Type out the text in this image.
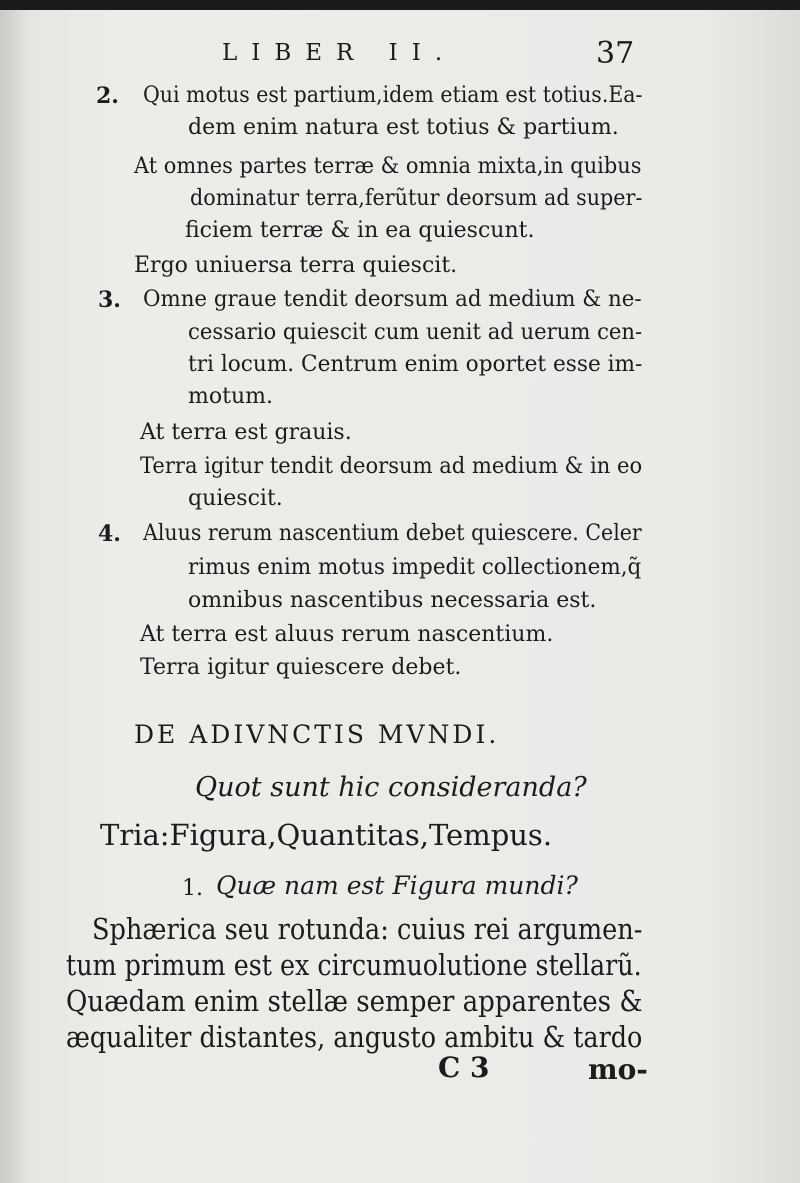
LIBER II.	37
2. Qui motus est partium,idem etiam est totius.Ea-
dem enim natura est totius & partium.
At omnes partes terræ & omnia mixta,in quibus
dominatur terra,ferũtur deorsum ad super-
ficiem terræ & in ea quiescunt.
Ergo uniuersa terra quiescit.
3. Omne graue tendit deorsum ad medium & ne-
cessario quiescit cum uenit ad uerum cen-
tri locum. Centrum enim oportet esse im-
motum.
At terra est grauis.
Terra igitur tendit deorsum ad medium & in eo
quiescit.
4. Aluus rerum nascentium debet quiescere. Celer
rimus enim motus impedit collectionem,q̃
omnibus nascentibus necessaria est.
At terra est aluus rerum nascentium.
Terra igitur quiescere debet.
DE ADIVNCTIS MVNDI.
Quot sunt hic consideranda?
Tria:Figura,Quantitas,Tempus.
1. Quæ nam est Figura mundi?
Sphærica seu rotunda: cuius rei argumen-
tum primum est ex circumuolutione stellarũ.
Quædam enim stellæ semper apparentes &
æqualiter distantes, angusto ambitu & tardo
C 3	mo-
